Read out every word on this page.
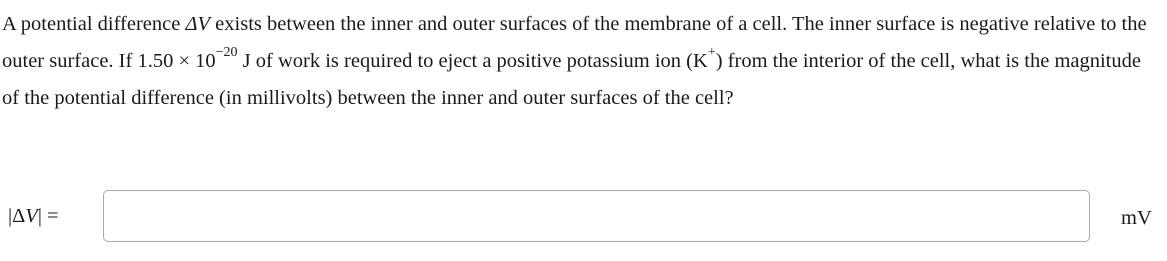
A potential difference ΔV exists between the inner and outer surfaces of the membrane of a cell. The inner surface is negative relative to the outer surface. If $1.50 \times 10^{-20}$ J of work is required to eject a positive potassium ion (K+) from the interior of the cell, what is the magnitude of the potential difference (in millivolts) between the inner and outer surfaces of the cell?
|ΔV| =	mV
